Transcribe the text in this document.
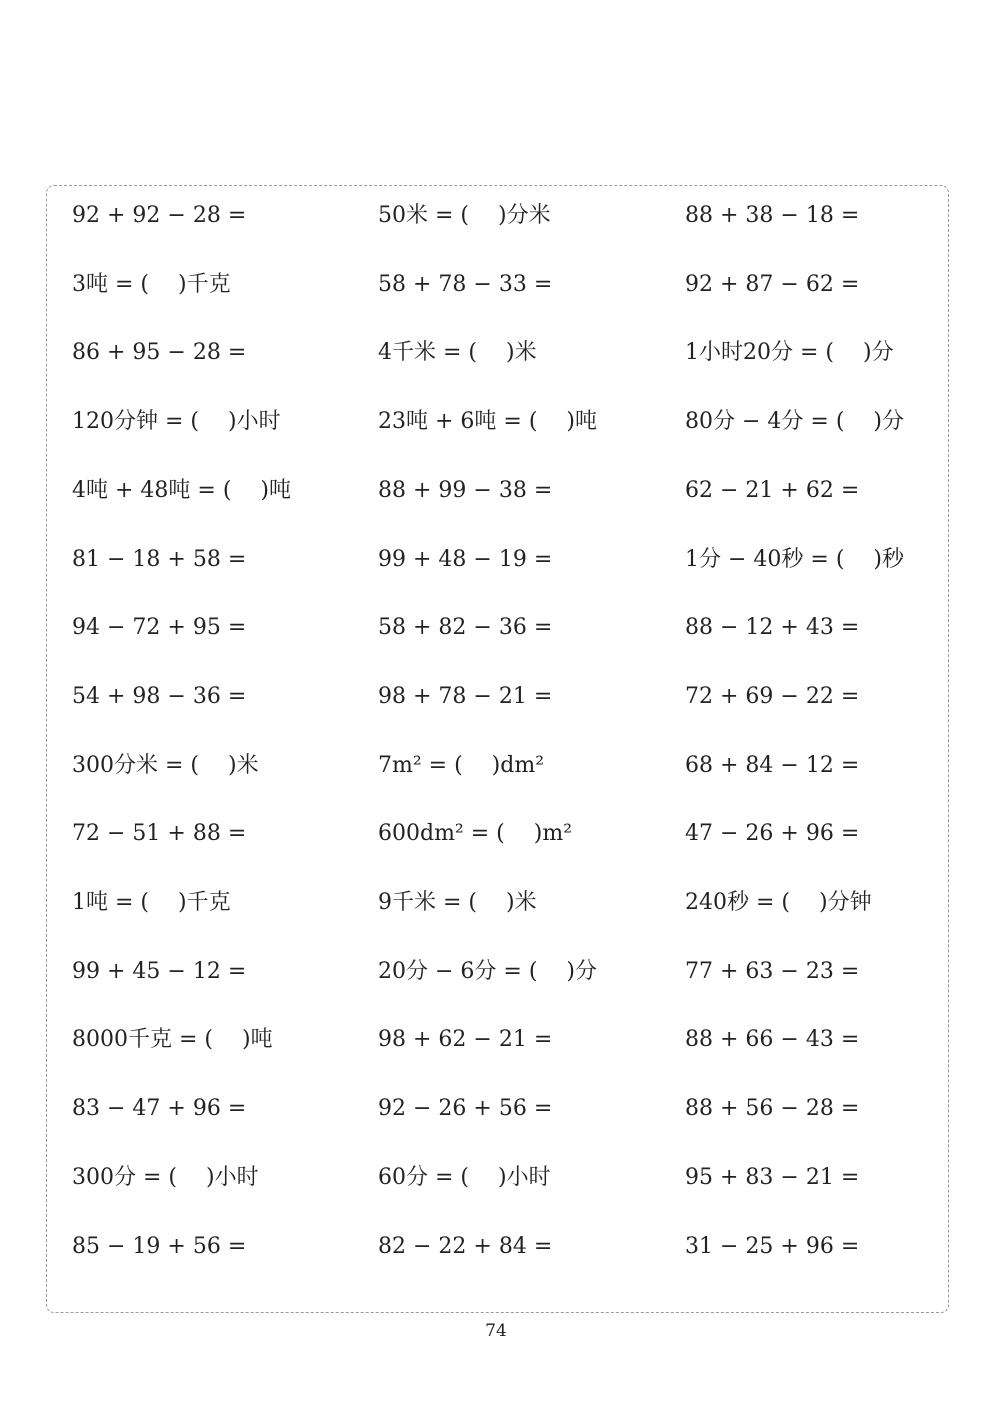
92 + 92 − 28 =	50米 = (　 )分米	88 + 38 − 18 =
3吨 = (　 )千克	58 + 78 − 33 =	92 + 87 − 62 =
86 + 95 − 28 =	4千米 = (　 )米	1小时20分 = (　 )分
120分钟 = (　 )小时	23吨 + 6吨 = (　 )吨	80分 − 4分 = (　 )分
4吨 + 48吨 = (　 )吨	88 + 99 − 38 =	62 − 21 + 62 =
81 − 18 + 58 =	99 + 48 − 19 =	1分 − 40秒 = (　 )秒
94 − 72 + 95 =	58 + 82 − 36 =	88 − 12 + 43 =
54 + 98 − 36 =	98 + 78 − 21 =	72 + 69 − 22 =
300分米 = (　 )米	7m² = (　 )dm²	68 + 84 − 12 =
72 − 51 + 88 =	600dm² = (　 )m²	47 − 26 + 96 =
1吨 = (　 )千克	9千米 = (　 )米	240秒 = (　 )分钟
99 + 45 − 12 =	20分 − 6分 = (　 )分	77 + 63 − 23 =
8000千克 = (　 )吨	98 + 62 − 21 =	88 + 66 − 43 =
83 − 47 + 96 =	92 − 26 + 56 =	88 + 56 − 28 =
300分 = (　 )小时	60分 = (　 )小时	95 + 83 − 21 =
85 − 19 + 56 =	82 − 22 + 84 =	31 − 25 + 96 =
74
